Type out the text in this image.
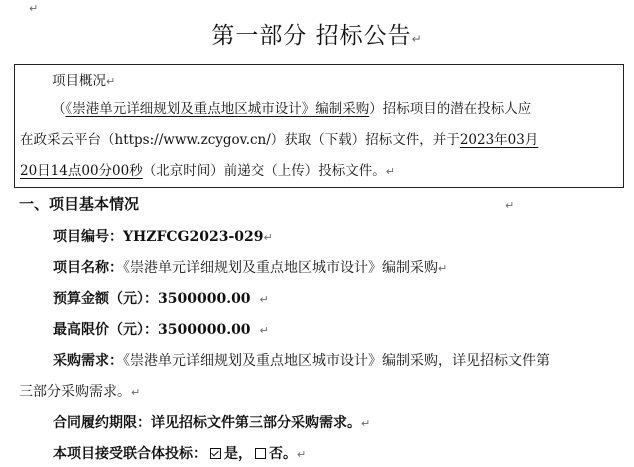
↵
第一部分 招标公告↵
项目概况↵
（《崇港单元详细规划及重点地区城市设计》编制采购）招标项目的潜在投标人应
在政采云平台（https://www.zcygov.cn/）获取（下载）招标文件，并于2023年03月
20日14点00分00秒（北京时间）前递交（上传）投标文件。↵
一、项目基本情况	↵
项目编号：YHZFCG2023-029↵
项目名称：《崇港单元详细规划及重点地区城市设计》编制采购↵
预算金额（元）：3500000.00 ↵
最高限价（元）：3500000.00 ↵
采购需求：《崇港单元详细规划及重点地区城市设计》编制采购，详见招标文件第
三部分采购需求。↵
合同履约期限：详见招标文件第三部分采购需求。↵
本项目接受联合体投标： 是， 否。↵
